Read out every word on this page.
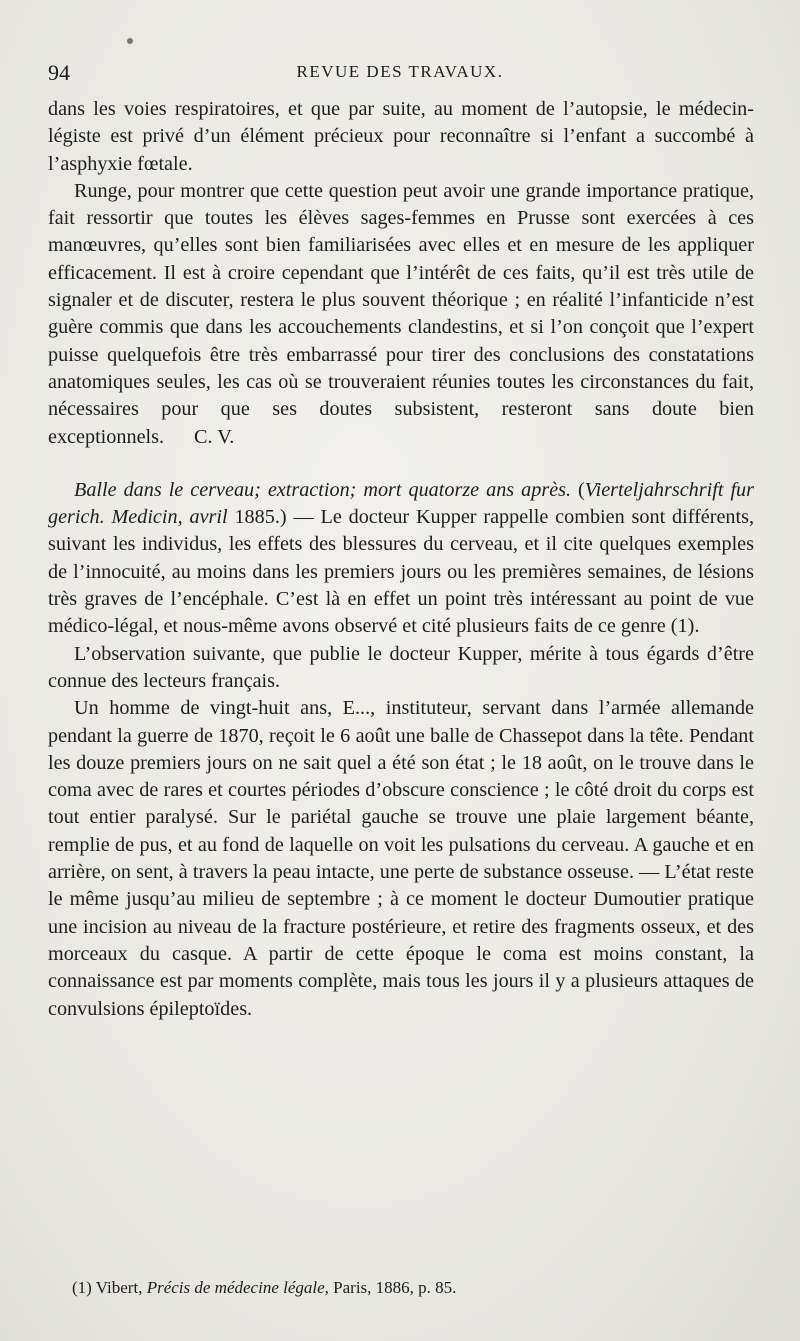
94	REVUE DES TRAVAUX.

dans les voies respiratoires, et que par suite, au moment de l’autopsie, le médecin-légiste est privé d’un élément précieux pour reconnaître si l’enfant a succombé à l’asphyxie fœtale.

Runge, pour montrer que cette question peut avoir une grande importance pratique, fait ressortir que toutes les élèves sages-femmes en Prusse sont exercées à ces manœuvres, qu’elles sont bien familiarisées avec elles et en mesure de les appliquer efficacement. Il est à croire cependant que l’intérêt de ces faits, qu’il est très utile de signaler et de discuter, restera le plus souvent théorique ; en réalité l’infanticide n’est guère commis que dans les accouchements clandestins, et si l’on conçoit que l’expert puisse quelquefois être très embarrassé pour tirer des conclusions des constatations anatomiques seules, les cas où se trouveraient réunies toutes les circonstances du fait, nécessaires pour que ses doutes subsistent, resteront sans doute bien exceptionnels. C. V.

Balle dans le cerveau; extraction; mort quatorze ans après. (Vierteljahrschrift fur gerich. Medicin, avril 1885.) — Le docteur Kupper rappelle combien sont différents, suivant les individus, les effets des blessures du cerveau, et il cite quelques exemples de l’innocuité, au moins dans les premiers jours ou les premières semaines, de lésions très graves de l’encéphale. C’est là en effet un point très intéressant au point de vue médico-légal, et nous-même avons observé et cité plusieurs faits de ce genre (1).

L’observation suivante, que publie le docteur Kupper, mérite à tous égards d’être connue des lecteurs français.

Un homme de vingt-huit ans, E..., instituteur, servant dans l’armée allemande pendant la guerre de 1870, reçoit le 6 août une balle de Chassepot dans la tête. Pendant les douze premiers jours on ne sait quel a été son état ; le 18 août, on le trouve dans le coma avec de rares et courtes périodes d’obscure conscience ; le côté droit du corps est tout entier paralysé. Sur le pariétal gauche se trouve une plaie largement béante, remplie de pus, et au fond de laquelle on voit les pulsations du cerveau. A gauche et en arrière, on sent, à travers la peau intacte, une perte de substance osseuse. — L’état reste le même jusqu’au milieu de septembre ; à ce moment le docteur Dumoutier pratique une incision au niveau de la fracture postérieure, et retire des fragments osseux, et des morceaux du casque. A partir de cette époque le coma est moins constant, la connaissance est par moments complète, mais tous les jours il y a plusieurs attaques de convulsions épileptoïdes.

(1) Vibert, Précis de médecine légale, Paris, 1886, p. 85.
